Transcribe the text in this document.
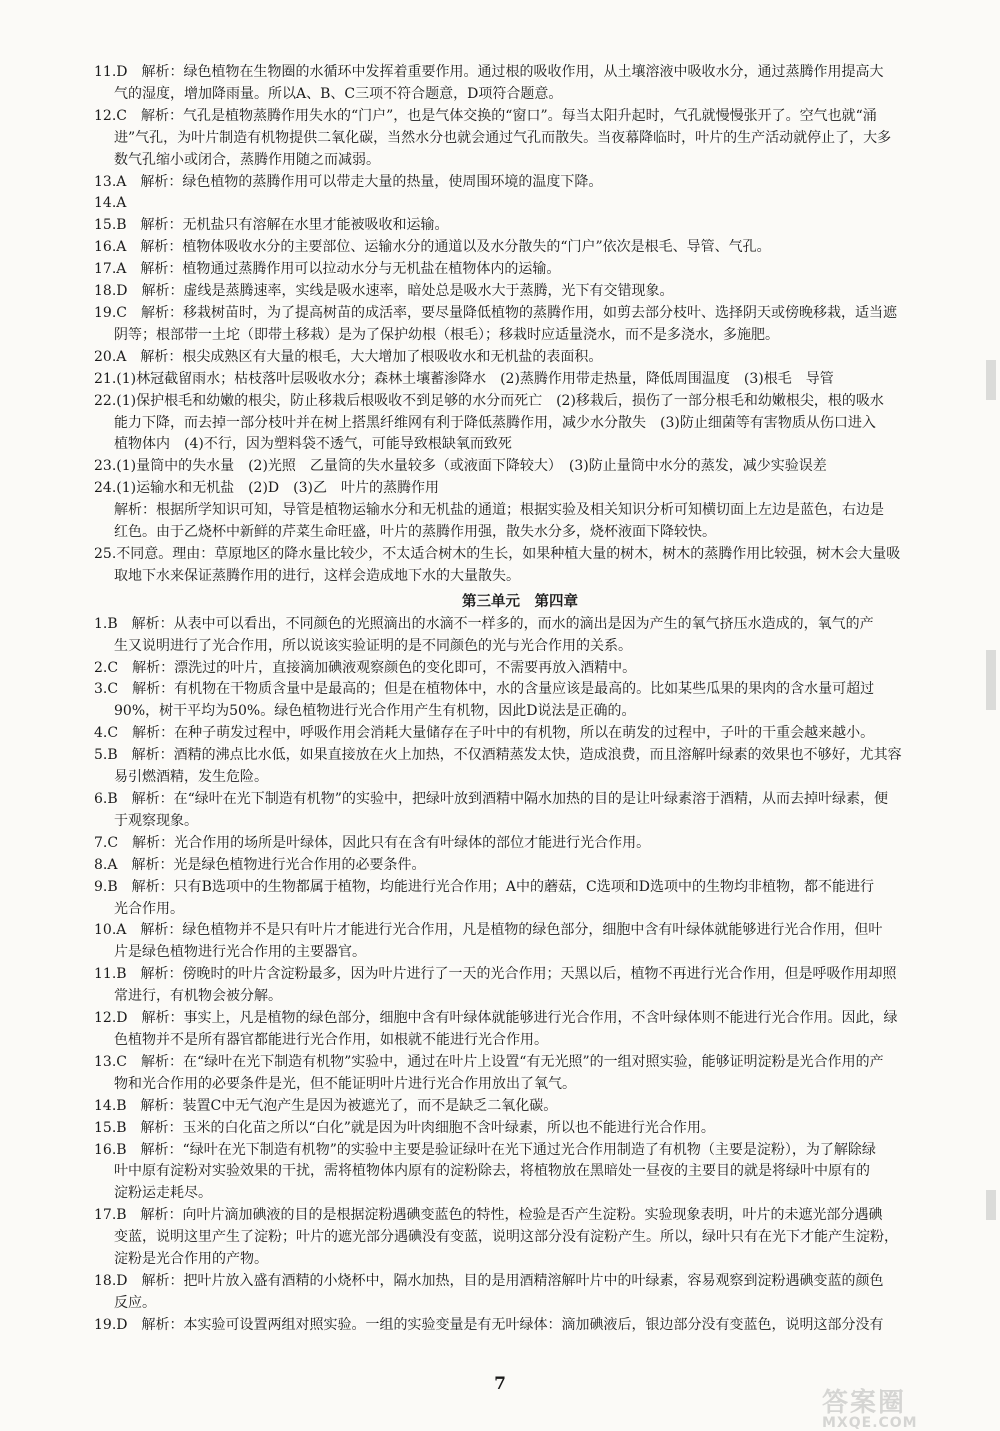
11.D　解析：绿色植物在生物圈的水循环中发挥着重要作用。通过根的吸收作用，从土壤溶液中吸收水分，通过蒸腾作用提高大

气的湿度，增加降雨量。所以A、B、C三项不符合题意，D项符合题意。

12.C　解析：气孔是植物蒸腾作用失水的“门户”，也是气体交换的“窗口”。每当太阳升起时，气孔就慢慢张开了。空气也就“涌

进”气孔，为叶片制造有机物提供二氧化碳，当然水分也就会通过气孔而散失。当夜幕降临时，叶片的生产活动就停止了，大多

数气孔缩小或闭合，蒸腾作用随之而减弱。

13.A　解析：绿色植物的蒸腾作用可以带走大量的热量，使周围环境的温度下降。

14.A

15.B　解析：无机盐只有溶解在水里才能被吸收和运输。

16.A　解析：植物体吸收水分的主要部位、运输水分的通道以及水分散失的“门户”依次是根毛、导管、气孔。

17.A　解析：植物通过蒸腾作用可以拉动水分与无机盐在植物体内的运输。

18.D　解析：虚线是蒸腾速率，实线是吸水速率，暗处总是吸水大于蒸腾，光下有交错现象。

19.C　解析：移栽树苗时，为了提高树苗的成活率，要尽量降低植物的蒸腾作用，如剪去部分枝叶、选择阴天或傍晚移栽，适当遮

阴等；根部带一土坨（即带土移栽）是为了保护幼根（根毛）；移栽时应适量浇水，而不是多浇水，多施肥。

20.A　解析：根尖成熟区有大量的根毛，大大增加了根吸收水和无机盐的表面积。

21.(1)林冠截留雨水；枯枝落叶层吸收水分；森林土壤蓄渗降水　(2)蒸腾作用带走热量，降低周围温度　(3)根毛　导管

22.(1)保护根毛和幼嫩的根尖，防止移栽后根吸收不到足够的水分而死亡　(2)移栽后，损伤了一部分根毛和幼嫩根尖，根的吸水

能力下降，而去掉一部分枝叶并在树上搭黑纤维网有利于降低蒸腾作用，减少水分散失　(3)防止细菌等有害物质从伤口进入

植物体内　(4)不行，因为塑料袋不透气，可能导致根缺氧而致死

23.(1)量筒中的失水量　(2)光照　乙量筒的失水量较多（或液面下降较大）　(3)防止量筒中水分的蒸发，减少实验误差

24.(1)运输水和无机盐　(2)D　(3)乙　叶片的蒸腾作用

解析：根据所学知识可知，导管是植物运输水分和无机盐的通道；根据实验及相关知识分析可知横切面上左边是蓝色，右边是

红色。由于乙烧杯中新鲜的芹菜生命旺盛，叶片的蒸腾作用强，散失水分多，烧杯液面下降较快。

25.不同意。理由：草原地区的降水量比较少，不太适合树木的生长，如果种植大量的树木，树木的蒸腾作用比较强，树木会大量吸

取地下水来保证蒸腾作用的进行，这样会造成地下水的大量散失。

第三单元　第四章

1.B　解析：从表中可以看出，不同颜色的光照滴出的水滴不一样多的，而水的滴出是因为产生的氧气挤压水造成的，氧气的产

生又说明进行了光合作用，所以说该实验证明的是不同颜色的光与光合作用的关系。

2.C　解析：漂洗过的叶片，直接滴加碘液观察颜色的变化即可，不需要再放入酒精中。

3.C　解析：有机物在干物质含量中是最高的；但是在植物体中，水的含量应该是最高的。比如某些瓜果的果肉的含水量可超过

90%，树干平均为50%。绿色植物进行光合作用产生有机物，因此D说法是正确的。

4.C　解析：在种子萌发过程中，呼吸作用会消耗大量储存在子叶中的有机物，所以在萌发的过程中，子叶的干重会越来越小。

5.B　解析：酒精的沸点比水低，如果直接放在火上加热，不仅酒精蒸发太快，造成浪费，而且溶解叶绿素的效果也不够好，尤其容

易引燃酒精，发生危险。

6.B　解析：在“绿叶在光下制造有机物”的实验中，把绿叶放到酒精中隔水加热的目的是让叶绿素溶于酒精，从而去掉叶绿素，便

于观察现象。

7.C　解析：光合作用的场所是叶绿体，因此只有在含有叶绿体的部位才能进行光合作用。

8.A　解析：光是绿色植物进行光合作用的必要条件。

9.B　解析：只有B选项中的生物都属于植物，均能进行光合作用；A中的蘑菇，C选项和D选项中的生物均非植物，都不能进行

光合作用。

10.A　解析：绿色植物并不是只有叶片才能进行光合作用，凡是植物的绿色部分，细胞中含有叶绿体就能够进行光合作用，但叶

片是绿色植物进行光合作用的主要器官。

11.B　解析：傍晚时的叶片含淀粉最多，因为叶片进行了一天的光合作用；天黑以后，植物不再进行光合作用，但是呼吸作用却照

常进行，有机物会被分解。

12.D　解析：事实上，凡是植物的绿色部分，细胞中含有叶绿体就能够进行光合作用，不含叶绿体则不能进行光合作用。因此，绿

色植物并不是所有器官都能进行光合作用，如根就不能进行光合作用。

13.C　解析：在“绿叶在光下制造有机物”实验中，通过在叶片上设置“有无光照”的一组对照实验，能够证明淀粉是光合作用的产

物和光合作用的必要条件是光，但不能证明叶片进行光合作用放出了氧气。

14.B　解析：装置C中无气泡产生是因为被遮光了，而不是缺乏二氧化碳。

15.B　解析：玉米的白化苗之所以“白化”就是因为叶肉细胞不含叶绿素，所以也不能进行光合作用。

16.B　解析：“绿叶在光下制造有机物”的实验中主要是验证绿叶在光下通过光合作用制造了有机物（主要是淀粉），为了解除绿

叶中原有淀粉对实验效果的干扰，需将植物体内原有的淀粉除去，将植物放在黑暗处一昼夜的主要目的就是将绿叶中原有的

淀粉运走耗尽。

17.B　解析：向叶片滴加碘液的目的是根据淀粉遇碘变蓝色的特性，检验是否产生淀粉。实验现象表明，叶片的未遮光部分遇碘

变蓝，说明这里产生了淀粉；叶片的遮光部分遇碘没有变蓝，说明这部分没有淀粉产生。所以，绿叶只有在光下才能产生淀粉，

淀粉是光合作用的产物。

18.D　解析：把叶片放入盛有酒精的小烧杯中，隔水加热，目的是用酒精溶解叶片中的叶绿素，容易观察到淀粉遇碘变蓝的颜色

反应。

19.D　解析：本实验可设置两组对照实验。一组的实验变量是有无叶绿体：滴加碘液后，银边部分没有变蓝色，说明这部分没有

7
答案圈
MXQE.COM
